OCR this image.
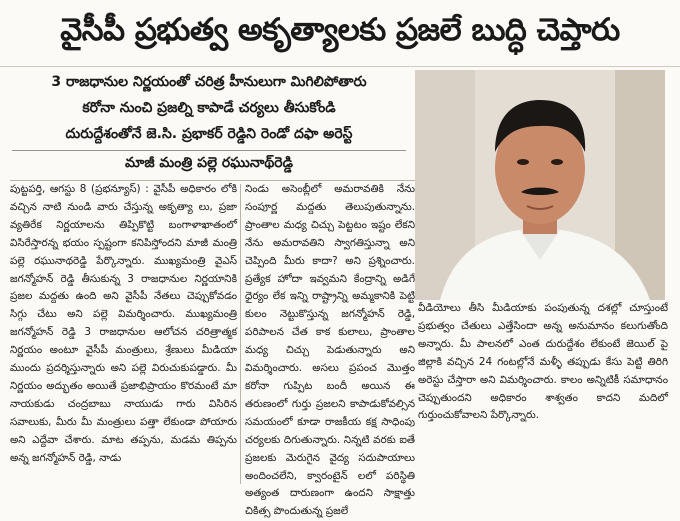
వైసీపీ ప్రభుత్వ అకృత్యాలకు ప్రజలే బుద్ధి చెప్తారు
3 రాజధానుల నిర్ణయంతో చరిత్ర హీనులుగా మిగిలిపోతారు
కరోనా నుంచి ప్రజల్ని కాపాడే చర్యలు తీసుకోండి
దురుద్దేశంతోనే జె.సి. ప్రభాకర్ రెడ్డిని రెండో దఫా అరెస్ట్
మాజీ మంత్రి పల్లె రఘునాథ్‌రెడ్డి

పుట్టపర్తి, ఆగస్టు 8 (ప్రభన్యూస్) : వైసీపీ అధికారం లోకి వచ్చిన నాటి నుండి వారు చేస్తున్న అకృత్యా లు, ప్రజా వ్యతిరేక నిర్ణయాలను తిప్పికొట్టి బంగాళాఖాతంలో విసిరేస్తారన్న భయం స్పష్టంగా కనిపిస్తోందని మాజీ మంత్రి పల్లె రఘునాథరెడ్డి పేర్కొన్నారు. ముఖ్యమంత్రి వైఎస్ జగన్మోహన్ రెడ్డి తీసుకున్న 3 రాజధానుల నిర్ణయానికి ప్రజల మద్దతు ఉంది అని వైసీపీ నేతలు చెప్పుకోవడం సిగ్గు చేటు అని పల్లె విమర్శించారు. ముఖ్యమంత్రి జగన్మోహన్ రెడ్డి 3 రాజధానుల ఆలోచన చరిత్రాత్మక నిర్ణయం అంటూ వైసీపీ మంత్రులు, శ్రేణులు మీడియా ముందు ప్రదర్శిస్తున్నారు అని పల్లె విరుచుకుపడ్డారు. మీ నిర్ణయం అద్భుతం అయితే ప్రజాభిప్రాయం కొరమంటే మా నాయకుడు చంద్రబాబు నాయుడు గారు విసిరిన సవాలుకు, మీరు మీ మంత్రులు పత్తా లేకుండా పోయారు అని ఎద్దేవా చేశారు. మాట తప్పను, మడమ తిప్పను అన్న జగన్మోహన్ రెడ్డి, నాడు

నిండు అసెంబ్లీలో అమరావతికి నేను సంపూర్ణ మద్దతు తెలుపుతున్నాను. ప్రాంతాల మధ్య చిచ్చు పెట్టటం ఇష్టం లేకని నేను అమరావతిని స్వాగతిస్తున్నా అని చెప్పింది మీరు కాదా? అని ప్రశ్నించారు. ప్రత్యేక హోదా ఇవ్వమని కేంద్రాన్ని అడిగే ధైర్యం లేక ఇన్ని రాష్ట్రాన్ని అమ్మకానికి పెట్టి కులం నెట్టుకొస్తున్న జగన్మోహన్ రెడ్డి, పరిపాలన చేత కాక కులాలు, ప్రాంతాల మధ్య చిచ్చు పెడుతున్నారు అని విమర్శించారు. అసలు ప్రపంచ మొత్తం కరోనా గుప్పిట బందీ అయిన ఈ తరుణంలో గుర్తు ప్రజలని కాపాడుకోవల్సిన సమయంలో కూడా రాజకీయ కక్ష సాధింపు చర్యలకు దిగుతున్నారు. నిన్నటి వరకు ఐతే ప్రజలకు మెరుగైన వైద్య సదుపాయాలు అందించలేని, క్వారంటైన్ లలో పరిస్థితి అత్యంత దారుణంగా ఉందని సాక్షాత్తు చికిత్స పొందుతున్న ప్రజలే

వీడియోలు తీసి మీడియాకు పంపుతున్న దశల్లో చూస్తుంటే ప్రభుత్వం చేతులు ఎత్తేసిందా అన్న అనుమానం కలుగుతోంది అన్నారు. మీ పాలనలో ఎంత దురుద్దేశం లేకుంటే జెయిల్ పై జిల్లాకి వచ్చిన 24 గంటల్లోనే మళ్ళీ తప్పుడు కేసు పెట్టి తిరిగి అరెస్టు చేస్తారా అని విమర్శించారు. కాలం అన్నిటికీ సమాధానం చెప్పుతుందని అధికారం శాశ్వతం కాదని మదిలో గుర్తుంచుకోవాలని పేర్కొన్నారు.
